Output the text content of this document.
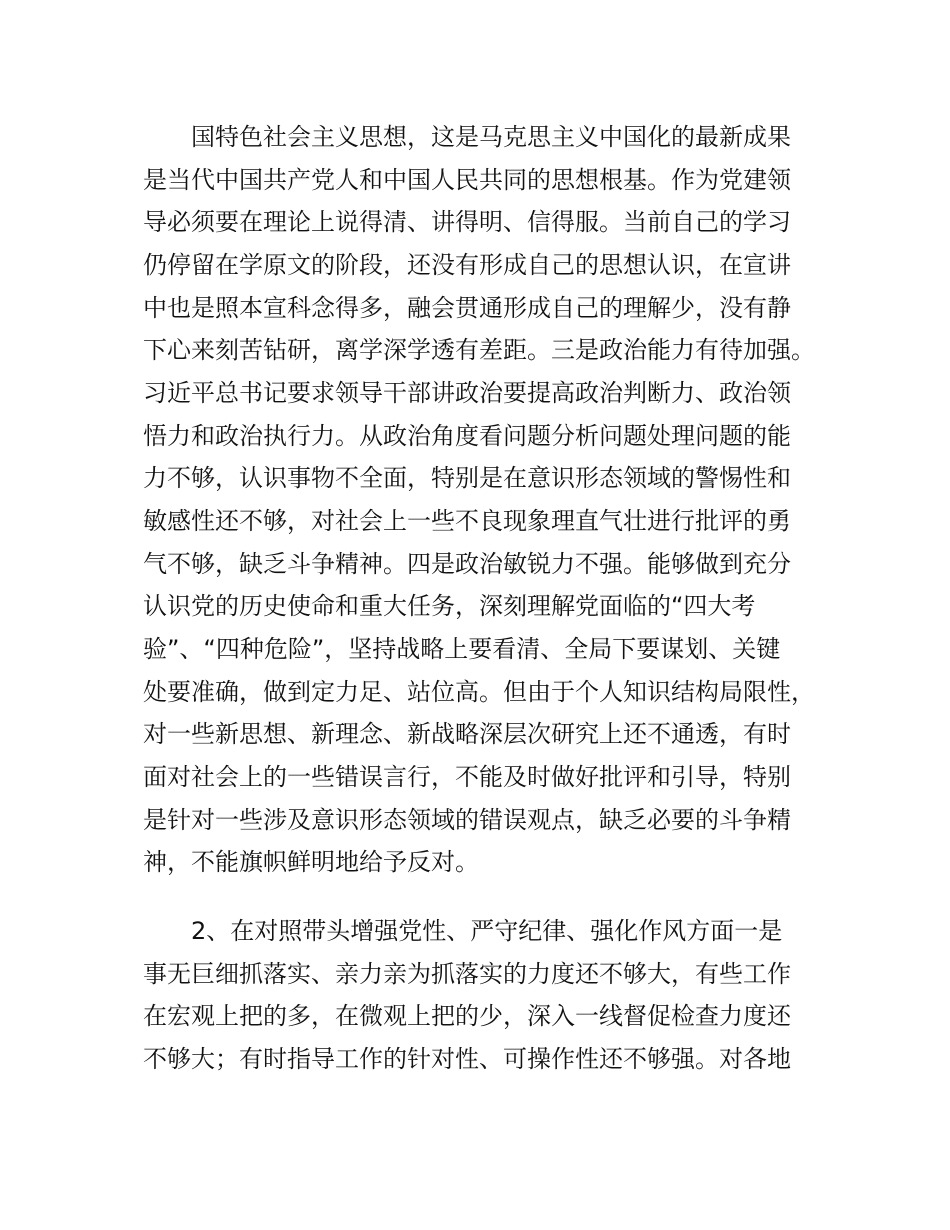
国特色社会主义思想，这是马克思主义中国化的最新成果
是当代中国共产党人和中国人民共同的思想根基。作为党建领
导必须要在理论上说得清、讲得明、信得服。当前自己的学习
仍停留在学原文的阶段，还没有形成自己的思想认识，在宣讲
中也是照本宣科念得多，融会贯通形成自己的理解少，没有静
下心来刻苦钻研，离学深学透有差距。三是政治能力有待加强。
习近平总书记要求领导干部讲政治要提高政治判断力、政治领
悟力和政治执行力。从政治角度看问题分析问题处理问题的能
力不够，认识事物不全面，特别是在意识形态领域的警惕性和
敏感性还不够，对社会上一些不良现象理直气壮进行批评的勇
气不够，缺乏斗争精神。四是政治敏锐力不强。能够做到充分
认识党的历史使命和重大任务，深刻理解党面临的“四大考
验”、“四种危险”，坚持战略上要看清、全局下要谋划、关键
处要准确，做到定力足、站位高。但由于个人知识结构局限性，
对一些新思想、新理念、新战略深层次研究上还不通透，有时
面对社会上的一些错误言行，不能及时做好批评和引导，特别
是针对一些涉及意识形态领域的错误观点，缺乏必要的斗争精
神，不能旗帜鲜明地给予反对。
2、在对照带头增强党性、严守纪律、强化作风方面一是
事无巨细抓落实、亲力亲为抓落实的力度还不够大，有些工作
在宏观上把的多，在微观上把的少，深入一线督促检查力度还
不够大；有时指导工作的针对性、可操作性还不够强。对各地
